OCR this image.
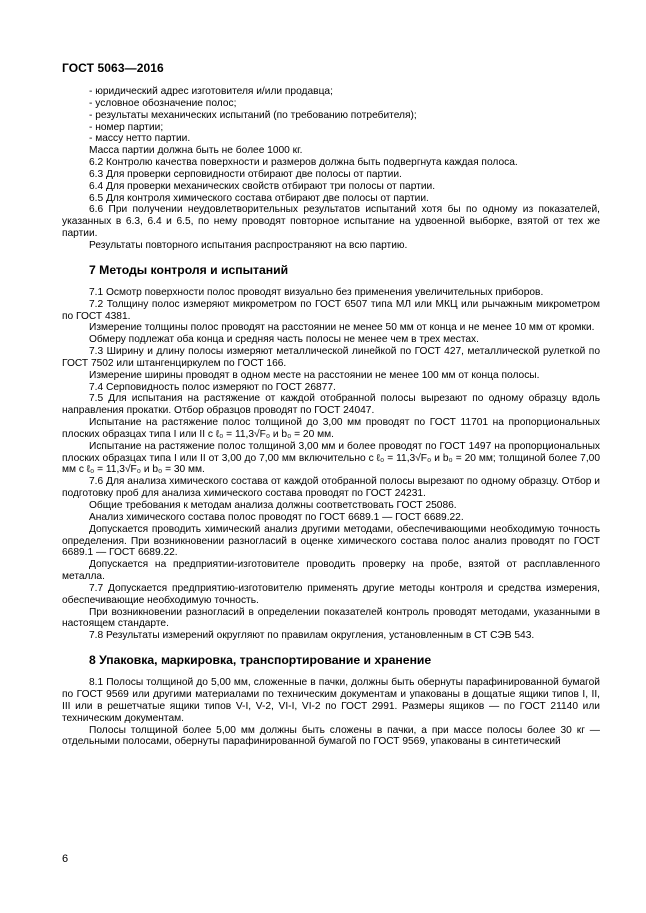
ГОСТ 5063—2016

- юридический адрес изготовителя и/или продавца;

- условное обозначение полос;

- результаты механических испытаний (по требованию потребителя);

- номер партии;

- массу нетто партии.

Масса партии должна быть не более 1000 кг.

6.2 Контролю качества поверхности и размеров должна быть подвергнута каждая полоса.

6.3 Для проверки серповидности отбирают две полосы от партии.

6.4 Для проверки механических свойств отбирают три полосы от партии.

6.5 Для контроля химического состава отбирают две полосы от партии.

6.6 При получении неудовлетворительных результатов испытаний хотя бы по одному из показателей, указанных в 6.3, 6.4 и 6.5, по нему проводят повторное испытание на удвоенной выборке, взятой от тех же партии.

Результаты повторного испытания распространяют на всю партию.

7 Методы контроля и испытаний

7.1 Осмотр поверхности полос проводят визуально без применения увеличительных приборов.

7.2 Толщину полос измеряют микрометром по ГОСТ 6507 типа МЛ или МКЦ или рычажным микрометром по ГОСТ 4381.

Измерение толщины полос проводят на расстоянии не менее 50 мм от конца и не менее 10 мм от кромки.

Обмеру подлежат оба конца и средняя часть полосы не менее чем в трех местах.

7.3 Ширину и длину полосы измеряют металлической линейкой по ГОСТ 427, металлической рулеткой по ГОСТ 7502 или штангенциркулем по ГОСТ 166.

Измерение ширины проводят в одном месте на расстоянии не менее 100 мм от конца полосы.

7.4 Серповидность полос измеряют по ГОСТ 26877.

7.5 Для испытания на растяжение от каждой отобранной полосы вырезают по одному образцу вдоль направления прокатки. Отбор образцов проводят по ГОСТ 24047.

Испытание на растяжение полос толщиной до 3,00 мм проводят по ГОСТ 11701 на пропорциональных плоских образцах типа I или II с ℓ₀ = 11,3√F₀ и b₀ = 20 мм.

Испытание на растяжение полос толщиной 3,00 мм и более проводят по ГОСТ 1497 на пропорциональных плоских образцах типа I или II от 3,00 до 7,00 мм включительно с ℓ₀ = 11,3√F₀ и b₀ = 20 мм; толщиной более 7,00 мм с ℓ₀ = 11,3√F₀ и b₀ = 30 мм.

7.6 Для анализа химического состава от каждой отобранной полосы вырезают по одному образцу. Отбор и подготовку проб для анализа химического состава проводят по ГОСТ 24231.

Общие требования к методам анализа должны соответствовать ГОСТ 25086.

Анализ химического состава полос проводят по ГОСТ 6689.1 — ГОСТ 6689.22.

Допускается проводить химический анализ другими методами, обеспечивающими необходимую точность определения. При возникновении разногласий в оценке химического состава полос анализ проводят по ГОСТ 6689.1 — ГОСТ 6689.22.

Допускается на предприятии-изготовителе проводить проверку на пробе, взятой от расплавленного металла.

7.7 Допускается предприятию-изготовителю применять другие методы контроля и средства измерения, обеспечивающие необходимую точность.

При возникновении разногласий в определении показателей контроль проводят методами, указанными в настоящем стандарте.

7.8 Результаты измерений округляют по правилам округления, установленным в СТ СЭВ 543.

8 Упаковка, маркировка, транспортирование и хранение

8.1 Полосы толщиной до 5,00 мм, сложенные в пачки, должны быть обернуты парафинированной бумагой по ГОСТ 9569 или другими материалами по техническим документам и упакованы в дощатые ящики типов I, II, III или в решетчатые ящики типов V-I, V-2, VI-I, VI-2 по ГОСТ 2991. Размеры ящиков — по ГОСТ 21140 или техническим документам.

Полосы толщиной более 5,00 мм должны быть сложены в пачки, а при массе полосы более 30 кг — отдельными полосами, обернуты парафинированной бумагой по ГОСТ 9569, упакованы в синтетический

6
